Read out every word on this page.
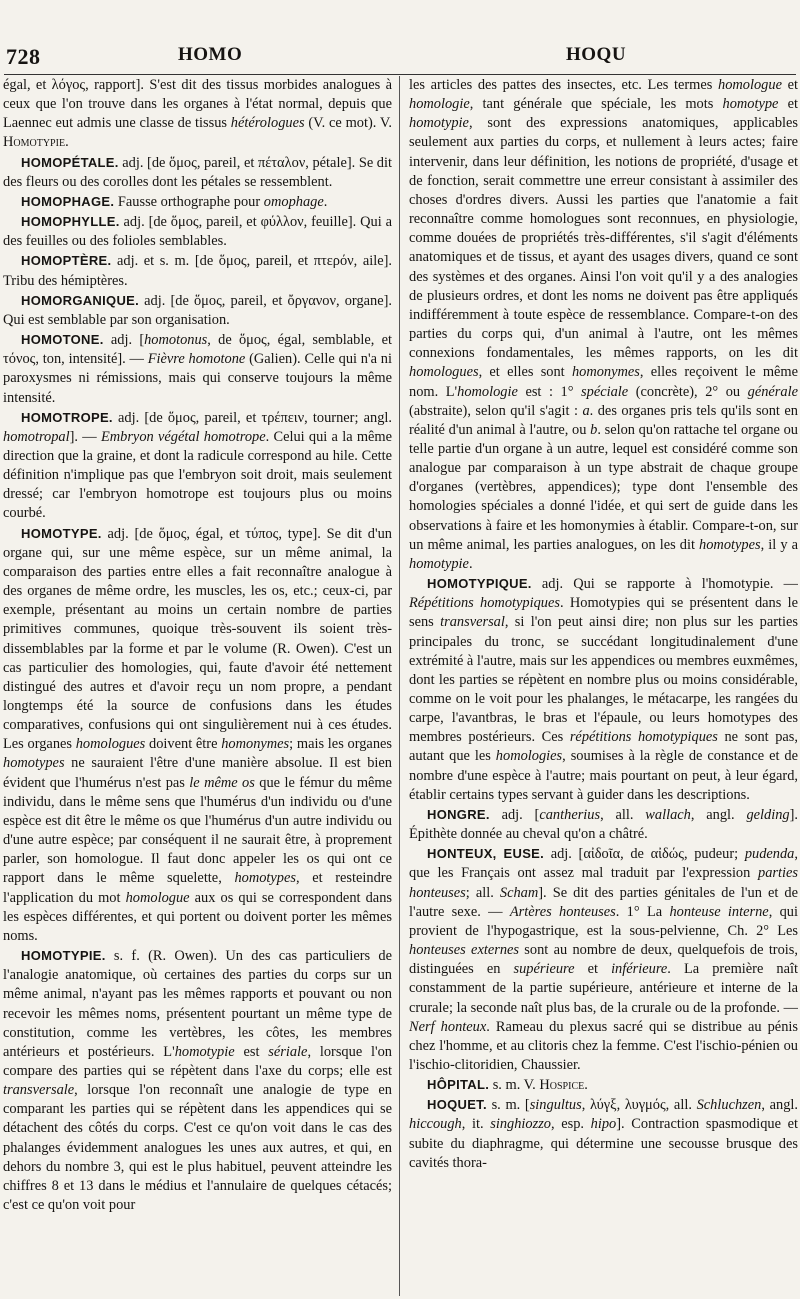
728	HOMO	HOQU

égal, et λόγος, rapport]. S'est dit des tissus morbides analogues à ceux que l'on trouve dans les organes à l'état normal, depuis que Laennec eut admis une classe de tissus hétérologues (V. ce mot). V. Homotypie.

HOMOPÉTALE. adj. [de ὅμος, pareil, et πέταλον, pétale]. Se dit des fleurs ou des corolles dont les pétales se ressemblent.

HOMOPHAGE. Fausse orthographe pour omophage.

HOMOPHYLLE. adj. [de ὅμος, pareil, et φύλλον, feuille]. Qui a des feuilles ou des folioles semblables.

HOMOPTÈRE. adj. et s. m. [de ὅμος, pareil, et πτερόν, aile]. Tribu des hémiptères.

HOMORGANIQUE. adj. [de ὅμος, pareil, et ὄργανον, organe]. Qui est semblable par son organisation.

HOMOTONE. adj. [homotonus, de ὅμος, égal, semblable, et τόνος, ton, intensité]. — Fièvre homotone (Galien). Celle qui n'a ni paroxysmes ni rémissions, mais qui conserve toujours la même intensité.

HOMOTROPE. adj. [de ὅμος, pareil, et τρέπειν, tourner; angl. homotropal]. — Embryon végétal homotrope. Celui qui a la même direction que la graine, et dont la radicule correspond au hile. Cette définition n'implique pas que l'embryon soit droit, mais seulement dressé; car l'embryon homotrope est toujours plus ou moins courbé.

HOMOTYPE. adj. [de ὅμος, égal, et τύπος, type]. Se dit d'un organe qui, sur une même espèce, sur un même animal, la comparaison des parties entre elles a fait reconnaître analogue à des organes de même ordre, les muscles, les os, etc.; ceux-ci, par exemple, présentant au moins un certain nombre de parties primitives communes, quoique très-souvent ils soient très-dissemblables par la forme et par le volume (R. Owen). C'est un cas particulier des homologies, qui, faute d'avoir été nettement distingué des autres et d'avoir reçu un nom propre, a pendant longtemps été la source de confusions dans les études comparatives, confusions qui ont singulièrement nui à ces études. Les organes homologues doivent être homonymes; mais les organes homotypes ne sauraient l'être d'une manière absolue. Il est bien évident que l'humérus n'est pas le même os que le fémur du même individu, dans le même sens que l'humérus d'un individu ou d'une espèce est dit être le même os que l'humérus d'un autre individu ou d'une autre espèce; par conséquent il ne saurait être, à proprement parler, son homologue. Il faut donc appeler les os qui ont ce rapport dans le même squelette, homotypes, et resteindre l'application du mot homologue aux os qui se correspondent dans les espèces différentes, et qui portent ou doivent porter les mêmes noms.

HOMOTYPIE. s. f. (R. Owen). Un des cas particuliers de l'analogie anatomique, où certaines des parties du corps sur un même animal, n'ayant pas les mêmes rapports et pouvant ou non recevoir les mêmes noms, présentent pourtant un même type de constitution, comme les vertèbres, les côtes, les membres antérieurs et postérieurs. L'homotypie est sériale, lorsque l'on compare des parties qui se répètent dans l'axe du corps; elle est transversale, lorsque l'on reconnaît une analogie de type en comparant les parties qui se répètent dans les appendices qui se détachent des côtés du corps. C'est ce qu'on voit dans le cas des phalanges évidemment analogues les unes aux autres, et qui, en dehors du nombre 3, qui est le plus habituel, peuvent atteindre les chiffres 8 et 13 dans le médius et l'annulaire de quelques cétacés; c'est ce qu'on voit pour

les articles des pattes des insectes, etc. Les termes homologue et homologie, tant générale que spéciale, les mots homotype et homotypie, sont des expressions anatomiques, applicables seulement aux parties du corps, et nullement à leurs actes; faire intervenir, dans leur définition, les notions de propriété, d'usage et de fonction, serait commettre une erreur consistant à assimiler des choses d'ordres divers. Aussi les parties que l'anatomie a fait reconnaître comme homologues sont reconnues, en physiologie, comme douées de propriétés très-différentes, s'il s'agit d'éléments anatomiques et de tissus, et ayant des usages divers, quand ce sont des systèmes et des organes. Ainsi l'on voit qu'il y a des analogies de plusieurs ordres, et dont les noms ne doivent pas être appliqués indifféremment à toute espèce de ressemblance. Compare-t-on des parties du corps qui, d'un animal à l'autre, ont les mêmes connexions fondamentales, les mêmes rapports, on les dit homologues, et elles sont homonymes, elles reçoivent le même nom. L'homologie est : 1° spéciale (concrète), 2° ou générale (abstraite), selon qu'il s'agit : a. des organes pris tels qu'ils sont en réalité d'un animal à l'autre, ou b. selon qu'on rattache tel organe ou telle partie d'un organe à un autre, lequel est considéré comme son analogue par comparaison à un type abstrait de chaque groupe d'organes (vertèbres, appendices); type dont l'ensemble des homologies spéciales a donné l'idée, et qui sert de guide dans les observations à faire et les homonymies à établir. Compare-t-on, sur un même animal, les parties analogues, on les dit homotypes, il y a homotypie.

HOMOTYPIQUE. adj. Qui se rapporte à l'homotypie. — Répétitions homotypiques. Homotypies qui se présentent dans le sens transversal, si l'on peut ainsi dire; non plus sur les parties principales du tronc, se succédant longitudinalement d'une extrémité à l'autre, mais sur les appendices ou membres euxmêmes, dont les parties se répètent en nombre plus ou moins considérable, comme on le voit pour les phalanges, le métacarpe, les rangées du carpe, l'avantbras, le bras et l'épaule, ou leurs homotypes des membres postérieurs. Ces répétitions homotypiques ne sont pas, autant que les homologies, soumises à la règle de constance et de nombre d'une espèce à l'autre; mais pourtant on peut, à leur égard, établir certains types servant à guider dans les descriptions.

HONGRE. adj. [cantherius, all. wallach, angl. gelding]. Épithète donnée au cheval qu'on a châtré.

HONTEUX, EUSE. adj. [αἰδοῖα, de αἰδώς, pudeur; pudenda, que les Français ont assez mal traduit par l'expression parties honteuses; all. Scham]. Se dit des parties génitales de l'un et de l'autre sexe. — Artères honteuses. 1° La honteuse interne, qui provient de l'hypogastrique, est la sous-pelvienne, Ch. 2° Les honteuses externes sont au nombre de deux, quelquefois de trois, distinguées en supérieure et inférieure. La première naît constamment de la partie supérieure, antérieure et interne de la crurale; la seconde naît plus bas, de la crurale ou de la profonde. — Nerf honteux. Rameau du plexus sacré qui se distribue au pénis chez l'homme, et au clitoris chez la femme. C'est l'ischio-pénien ou l'ischio-clitoridien, Chaussier.

HÔPITAL. s. m. V. Hospice.

HOQUET. s. m. [singultus, λύγξ, λυγμός, all. Schluchzen, angl. hiccough, it. singhiozzo, esp. hipo]. Contraction spasmodique et subite du diaphragme, qui détermine une secousse brusque des cavités thora-
